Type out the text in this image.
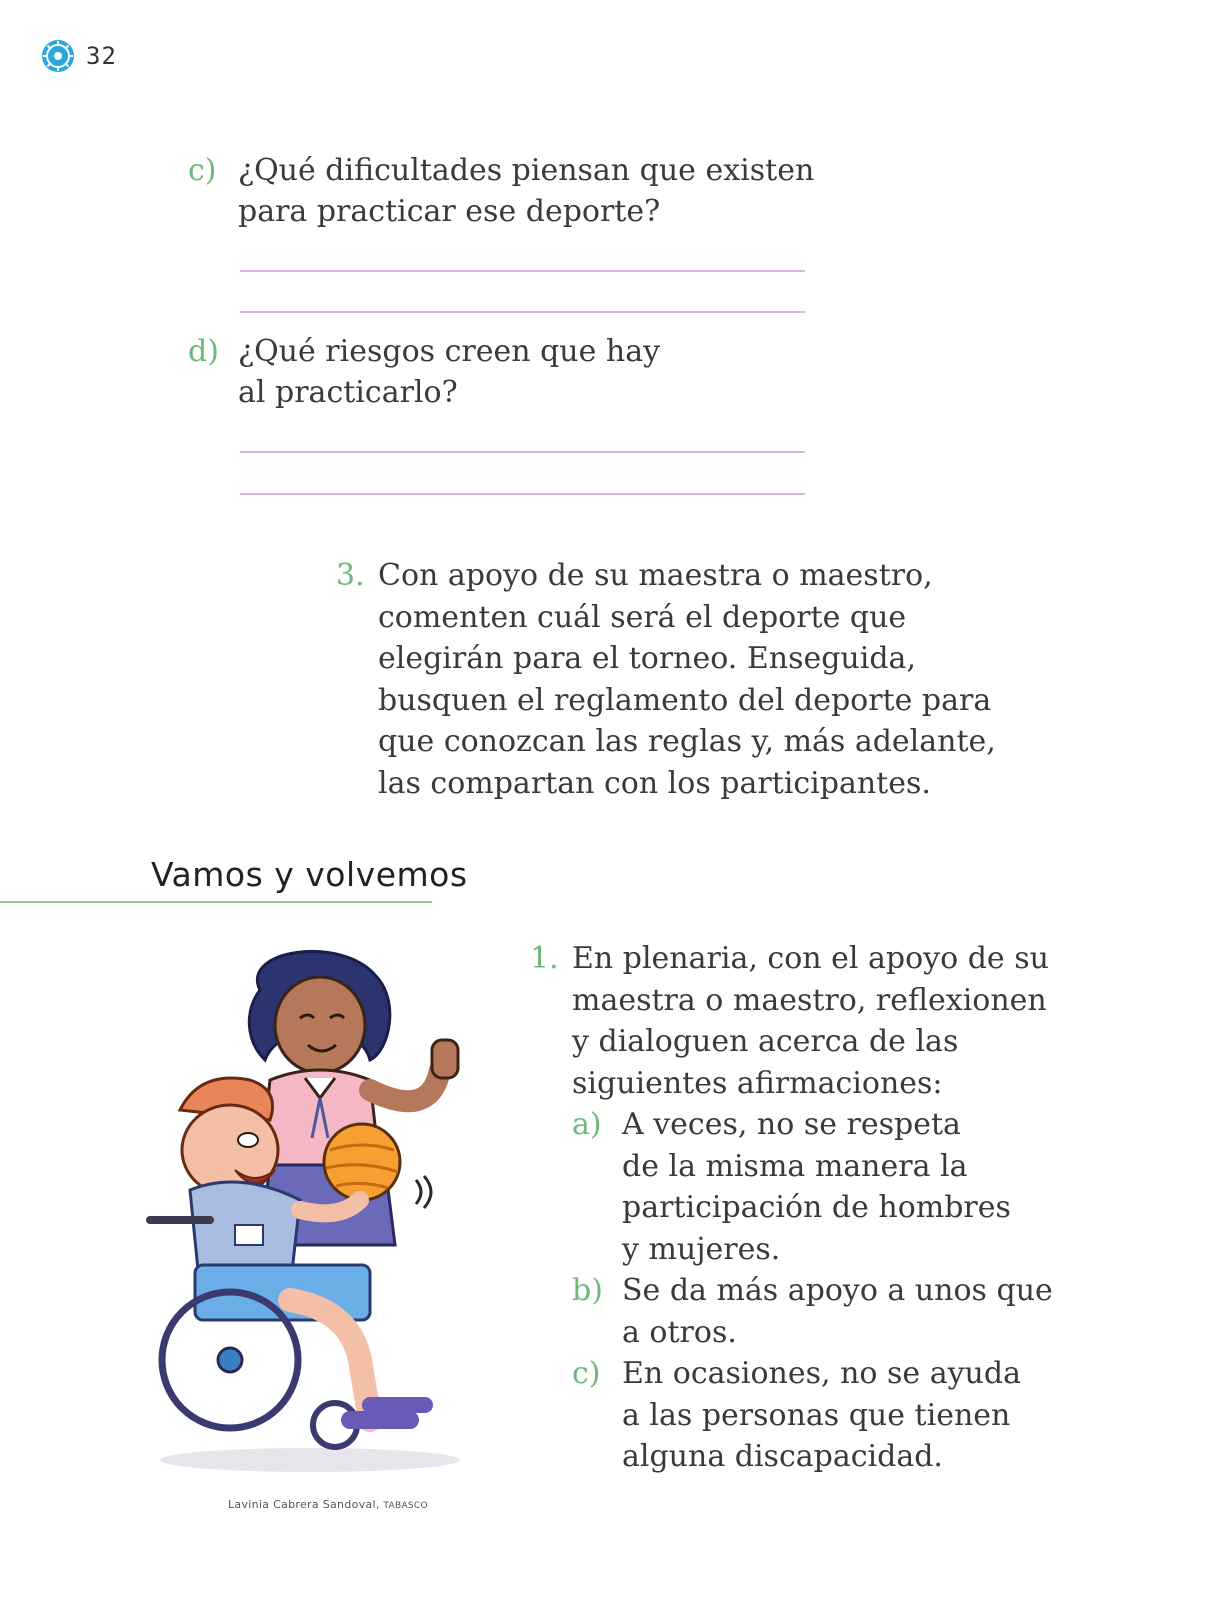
32
c) ¿Qué dificultades piensan que existen
para practicar ese deporte?
d) ¿Qué riesgos creen que hay
al practicarlo?
3. Con apoyo de su maestra o maestro,
comenten cuál será el deporte que
elegirán para el torneo. Enseguida,
busquen el reglamento del deporte para
que conozcan las reglas y, más adelante,
las compartan con los participantes.
Vamos y volvemos
Lavinia Cabrera Sandoval, TABASCO
1. En plenaria, con el apoyo de su
maestra o maestro, reflexionen
y dialoguen acerca de las
siguientes afirmaciones:
a) A veces, no se respeta
de la misma manera la
participación de hombres
y mujeres.
b) Se da más apoyo a unos que
a otros.
c) En ocasiones, no se ayuda
a las personas que tienen
alguna discapacidad.
